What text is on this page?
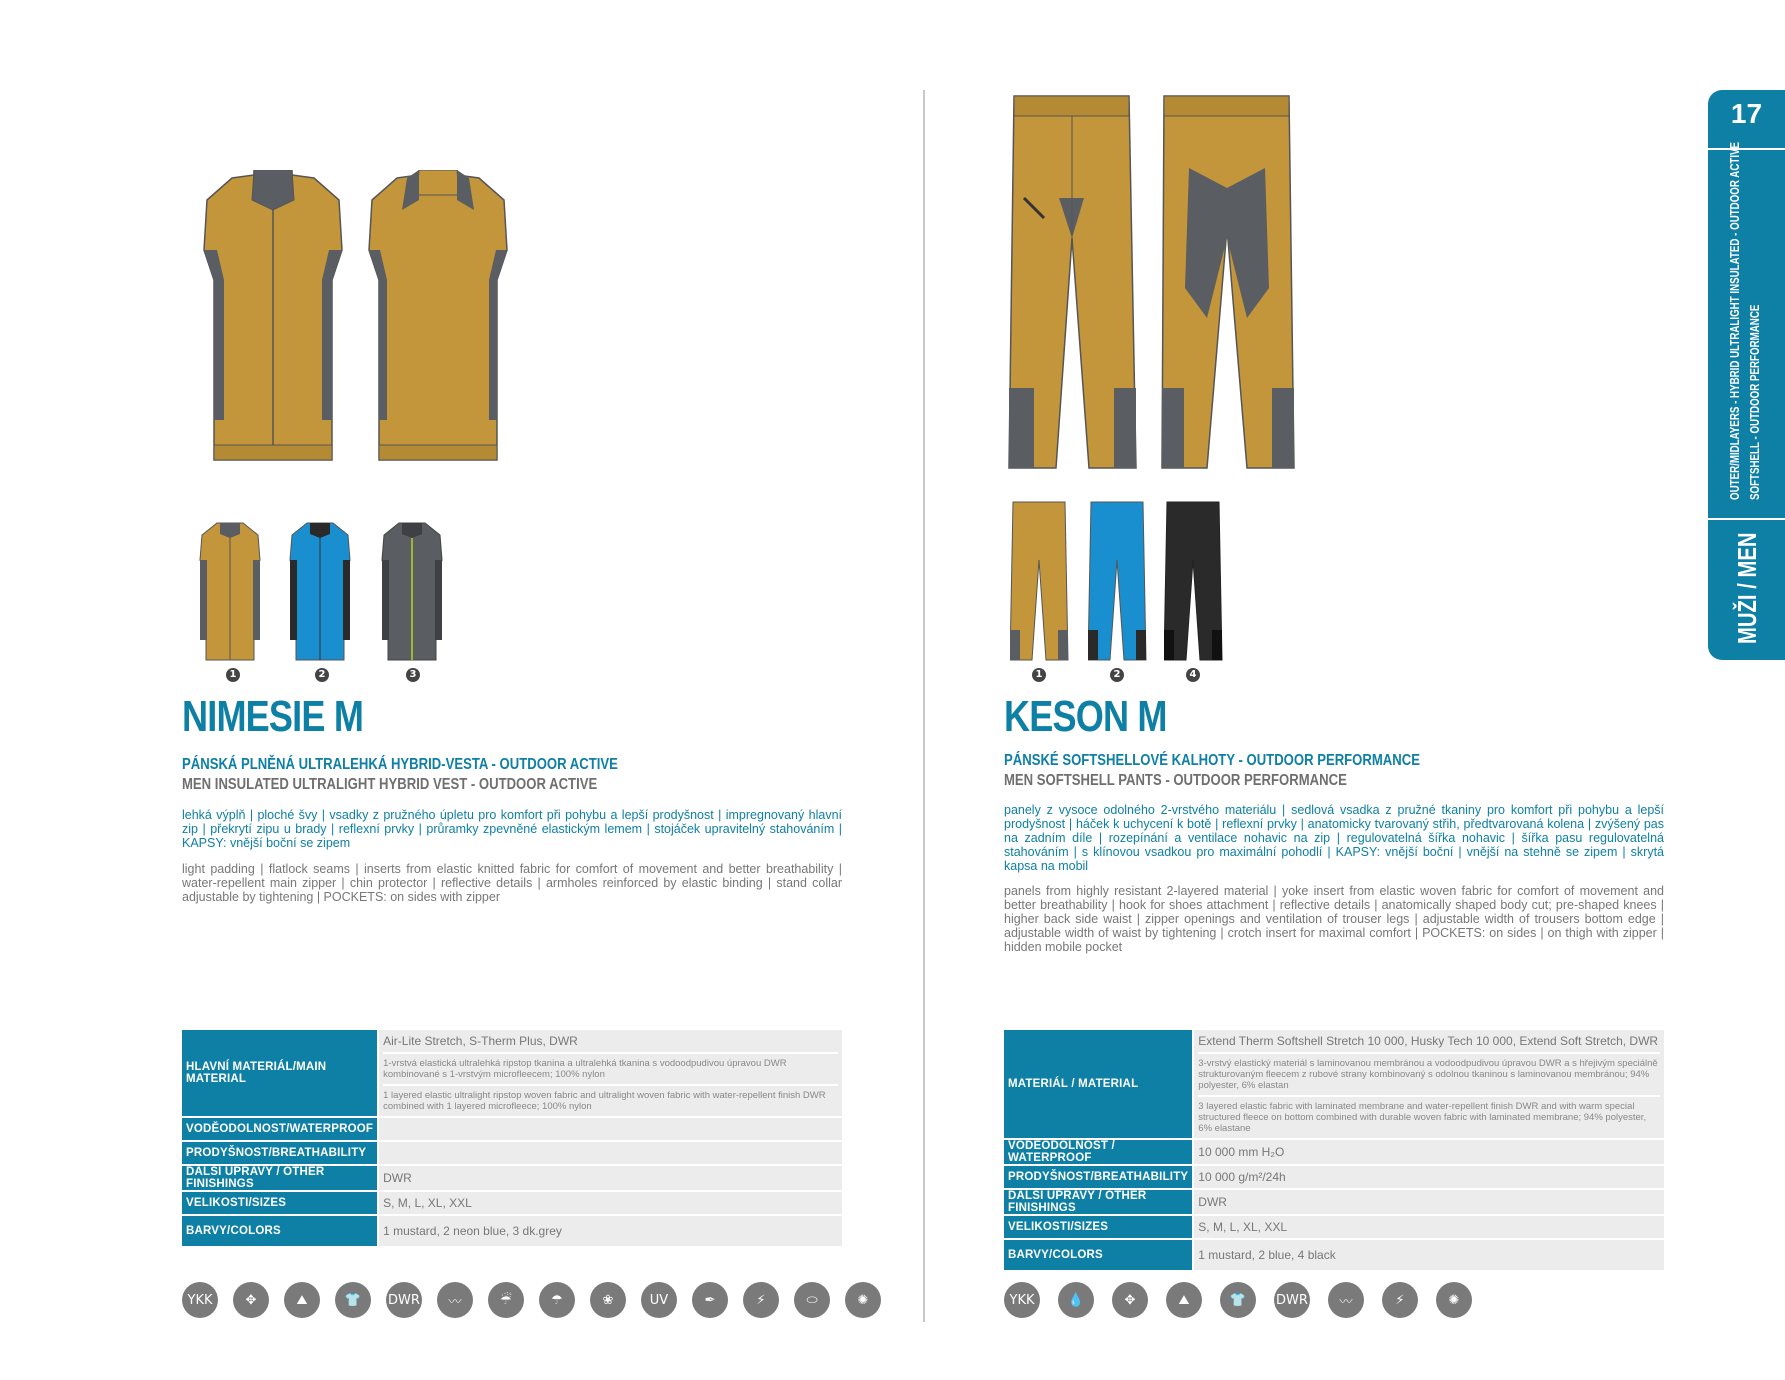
1	2	3
NIMESIE M
PÁNSKÁ PLNĚNÁ ULTRALEHKÁ HYBRID-VESTA - OUTDOOR ACTIVE
MEN INSULATED ULTRALIGHT HYBRID VEST - OUTDOOR ACTIVE
lehká výplň | ploché švy | vsadky z pružného úpletu pro komfort při pohybu a lepší prodyšnost | impregnovaný hlavní zip | překrytí zipu u brady | reflexní prvky | průramky zpevněné elastickým lemem | stojáček upravitelný stahováním | KAPSY: vnější boční se zipem
light padding | flatlock seams | inserts from elastic knitted fabric for comfort of movement and better breathability | water-repellent main zipper | chin protector | reflective details | armholes reinforced by elastic binding | stand collar adjustable by tightening | POCKETS: on sides with zipper
HLAVNÍ MATERIÁL/MAIN MATERIAL	Air-Lite Stretch, S-Therm Plus, DWR
1-vrstvá elastická ultralehká ripstop tkanina a ultralehká tkanina s vodoodpudivou úpravou DWR kombinované s 1-vrstvým microfleecem; 100% nylon
1 layered elastic ultralight ripstop woven fabric and ultralight woven fabric with water-repellent finish DWR combined with 1 layered microfleece; 100% nylon

VODĚODOLNOST/WATERPROOF	
PRODYŠNOST/BREATHABILITY	
DALŠÍ ÚPRAVY / OTHER FINISHINGS	DWR
VELIKOSTI/SIZES	S, M, L, XL, XXL
BARVY/COLORS	1 mustard, 2 neon blue, 3 dk.grey
YKK	✥	⛰	👕	DWR	〰	☔	☂	❀	UV	✒	⚡	⬭	✺
1	2	4
KESON M
PÁNSKÉ SOFTSHELLOVÉ KALHOTY - OUTDOOR PERFORMANCE
MEN SOFTSHELL PANTS - OUTDOOR PERFORMANCE
panely z vysoce odolného 2-vrstvého materiálu | sedlová vsadka z pružné tkaniny pro komfort při pohybu a lepší prodyšnost | háček k uchycení k botě | reflexní prvky | anatomicky tvarovaný střih, předtvarovaná kolena | zvýšený pas na zadním díle | rozepínání a ventilace nohavic na zip | regulovatelná šířka nohavic | šířka pasu regulovatelná stahováním | s klínovou vsadkou pro maximální pohodlí | KAPSY: vnější boční | vnější na stehně se zipem | skrytá kapsa na mobil
panels from highly resistant 2-layered material | yoke insert from elastic woven fabric for comfort of movement and better breathability | hook for shoes attachment | reflective details | anatomically shaped body cut; pre-shaped knees | higher back side waist | zipper openings and ventilation of trouser legs | adjustable width of trousers bottom edge | adjustable width of waist by tightening | crotch insert for maximal comfort | POCKETS: on sides | on thigh with zipper | hidden mobile pocket
MATERIÁL / MATERIAL	Extend Therm Softshell Stretch 10 000, Husky Tech 10 000, Extend Soft Stretch, DWR
3-vrstvý elastický materiál s laminovanou membránou a vodoodpudivou úpravou DWR a s hřejivým speciálně strukturovaným fleecem z rubové strany kombinovaný s odolnou tkaninou s laminovanou membránou; 94% polyester, 6% elastan
3 layered elastic fabric with laminated membrane and water-repellent finish DWR and with warm special structured fleece on bottom combined with durable woven fabric with laminated membrane; 94% polyester, 6% elastane

VODĚODOLNOST / WATERPROOF	10 000 mm H₂O
PRODYŠNOST/BREATHABILITY	10 000 g/m²/24h
DALŠÍ ÚPRAVY / OTHER FINISHINGS	DWR
VELIKOSTI/SIZES	S, M, L, XL, XXL
BARVY/COLORS	1 mustard, 2 blue, 4 black
YKK	💧	✥	⛰	👕	DWR	〰	⚡	✺
17
OUTER/MIDLAYERS - HYBRID ULTRALIGHT INSULATED - OUTDOOR ACTIVE SOFTSHELL - OUTDOOR PERFORMANCE
MUŽI / MEN
